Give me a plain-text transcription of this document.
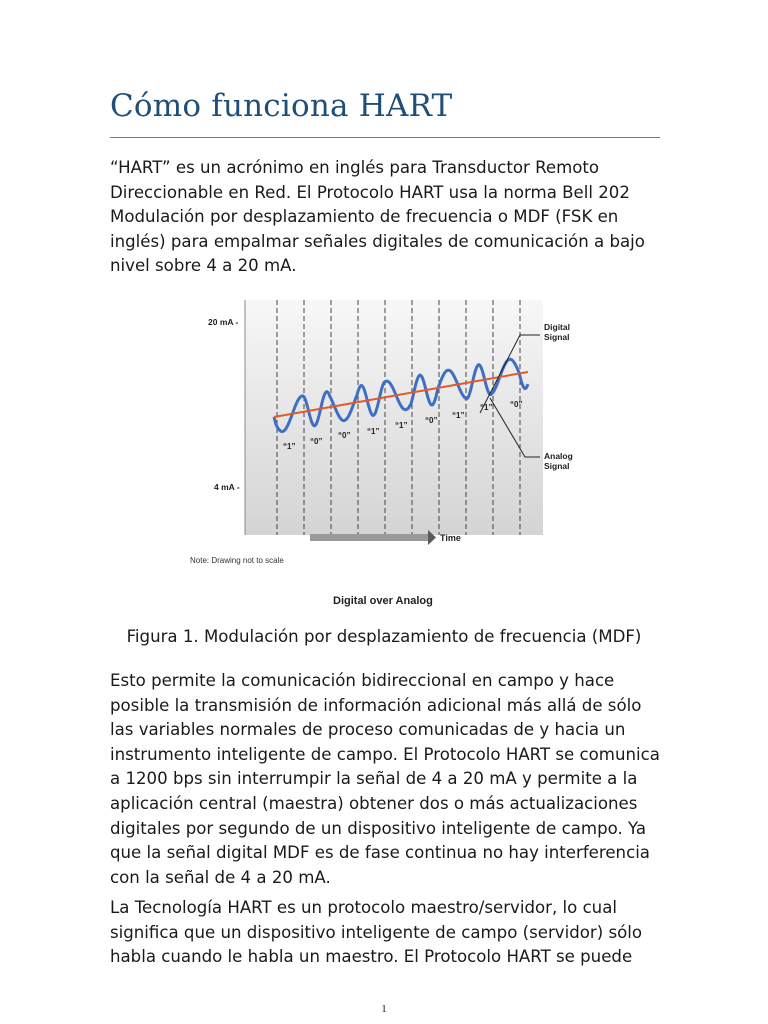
Cómo funciona HART

“HART” es un acrónimo en inglés para Transductor Remoto Direccionable en Red. El Protocolo HART usa la norma Bell 202 Modulación por desplazamiento de frecuencia o MDF (FSK en inglés) para empalmar señales digitales de comunicación a bajo nivel sobre 4 a 20 mA.

20 mA -
4 mA -
“1”
“0”
“0” “1”
“1”
“0”
“1”
“1” “0”
Digital
Signal
Analog
Signal
Time
Note: Drawing not to scale
Digital over Analog

Figura 1. Modulación por desplazamiento de frecuencia (MDF)

Esto permite la comunicación bidireccional en campo y hace posible la transmisión de información adicional más allá de sólo las variables normales de proceso comunicadas de y hacia un instrumento inteligente de campo. El Protocolo HART se comunica a 1200 bps sin interrumpir la señal de 4 a 20 mA y permite a la aplicación central (maestra) obtener dos o más actualizaciones digitales por segundo de un dispositivo inteligente de campo. Ya que la señal digital MDF es de fase continua no hay interferencia con la señal de 4 a 20 mA.

La Tecnología HART es un protocolo maestro/servidor, lo cual significa que un dispositivo inteligente de campo (servidor) sólo habla cuando le habla un maestro. El Protocolo HART se puede

1
